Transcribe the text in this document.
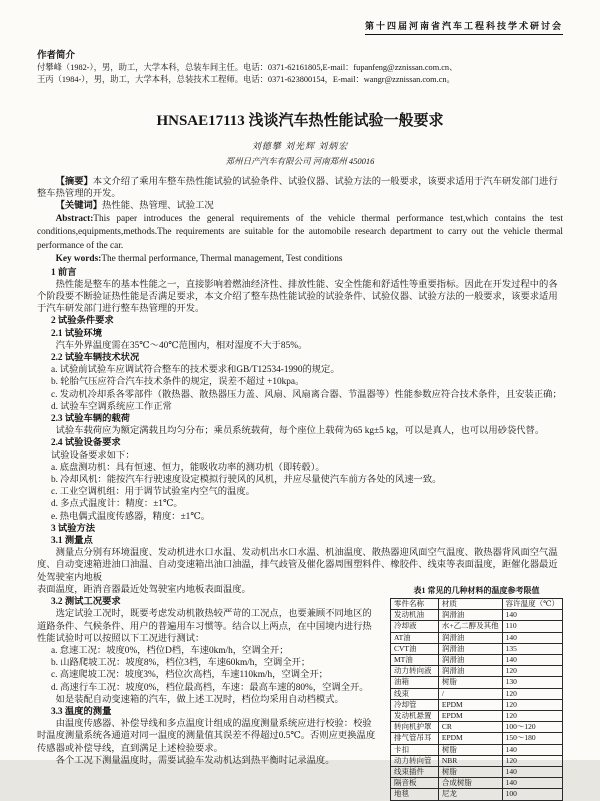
第十四届河南省汽车工程科技学术研讨会
作者简介
付攀峰（1982-），男，助工，大学本科，总装车间主任。电话：0371-62161805,E-mail：fupanfeng@zznissan.com.cn、
王丙（1984-），男，助工，大学本科，总装技术工程师。电话：0371-623800154，E-mail：wangr@zznissan.com.cn。
HNSAE17113 浅谈汽车热性能试验一般要求
刘德攀 刘光辉 刘炳宏
郑州日产汽车有限公司 河南郑州 450016

【摘要】本文介绍了乘用车整车热性能试验的试验条件、试验仪器、试验方法的一般要求，该要求适用于汽车研发部门进行整车热管理的开发。

【关键词】热性能、热管理、试验工况

Abstract:This paper introduces the general requirements of the vehicle thermal performance test,which contains the test conditions,equipments,methods.The requirements are suitable for the automobile research department to carry out the vehicle thermal performance of the car.

Key words:The thermal performance, Thermal management, Test conditions

1 前言

热性能是整车的基本性能之一，直接影响着燃油经济性、排放性能、安全性能和舒适性等重要指标。因此在开发过程中的各个阶段要不断验证热性能是否满足要求，本文介绍了整车热性能试验的试验条件、试验仪器、试验方法的一般要求，该要求适用于汽车研发部门进行整车热管理的开发。

2 试验条件要求

2.1 试验环境

汽车外界温度需在35℃～40℃范围内，相对湿度不大于85%。

2.2 试验车辆技术状况

a. 试验前试验车应调试符合整车的技术要求和GB/T12534-1990的规定。

b. 轮胎气压应符合汽车技术条件的规定，误差不超过 +10kpa。

c. 发动机冷却系各零部件（散热器、散热器压力盖、风扇、风扇离合器、节温器等）性能参数应符合技术条件，且安装正确；

d. 试验车空调系统应工作正常

2.3 试验车辆的载荷

试验车载荷应为额定满载且均匀分布；乘员系统载荷，每个座位上载荷为65 kg±5 kg，可以是真人，也可以用砂袋代替。

2.4 试验设备要求

试验设备要求如下：

a. 底盘测功机：具有恒速、恒力，能吸收功率的测功机（即转毂）。

b. 冷却风机：能按汽车行驶速度设定模拟行驶风的风机，并应尽量使汽车前方各处的风速一致。

c. 工业空调机组：用于调节试验室内空气的温度。

d. 多点式温度计：精度：±1℃。

e. 热电偶式温度传感器，精度：±1℃。

3 试验方法

3.1 测量点

测量点分别有环境温度、发动机进水口水温、发动机出水口水温、机油温度、散热器迎风面空气温度、散热器背风面空气温度、自动变速箱进油口油温、自动变速箱出油口油温，排气歧管及催化器周围塑料件、橡胶件、线束等表面温度，距催化器最近处驾驶室内地板

表面温度，距消音器最近处驾驶室内地板表面温度。

3.2 测试工况要求

选定试验工况时，既要考虑发动机散热较严苛的工况点，也要兼顾不同地区的道路条件、气候条件、用户的普遍用车习惯等。结合以上两点，在中国境内进行热性能试验时可以按照以下工况进行测试：

a. 怠速工况：坡度0%，档位D档，车速0km/h，空调全开；

b. 山路爬坡工况：坡度8%，档位3档，车速60km/h，空调全开；

c. 高速爬坡工况：坡度3%，档位次高档，车速110km/h，空调全开；

d. 高速行车工况：坡度0%，档位最高档，车速：最高车速的80%，空调全开。

如是装配自动变速箱的汽车，做上述工况时，档位均采用自动档模式。

3.3 温度的测量

由温度传感器、补偿导线和多点温度计组成的温度测量系统应进行校验：校验时温度测量系统各通道对同一温度的测量值其误差不得超过0.5℃。否则应更换温度传感器或补偿导线，直到满足上述检验要求。

各个工况下测量温度时，需要试验车发动机达到热平衡时记录温度。

表1 常见的几种材料的温度参考限值
零件名称	材质	容许温度（℃）
发动机油	润滑油	140
冷却液	水+乙二醇及其他	110
AT油	润滑油	140
CVT油	润滑油	135
MT油	润滑油	140
动力转向液	润滑油	120
油箱	树脂	130
线束	/	120
冷却管	EPDM	120
发动机悬置	EPDM	120
转向机护罩	CR	100～120
排气管吊耳	EPDM	150～180
卡扣	树脂	140
动力转向管	NBR	120
线束插件	树脂	140
隔音板	合成树脂	140
地毯	尼龙	100
